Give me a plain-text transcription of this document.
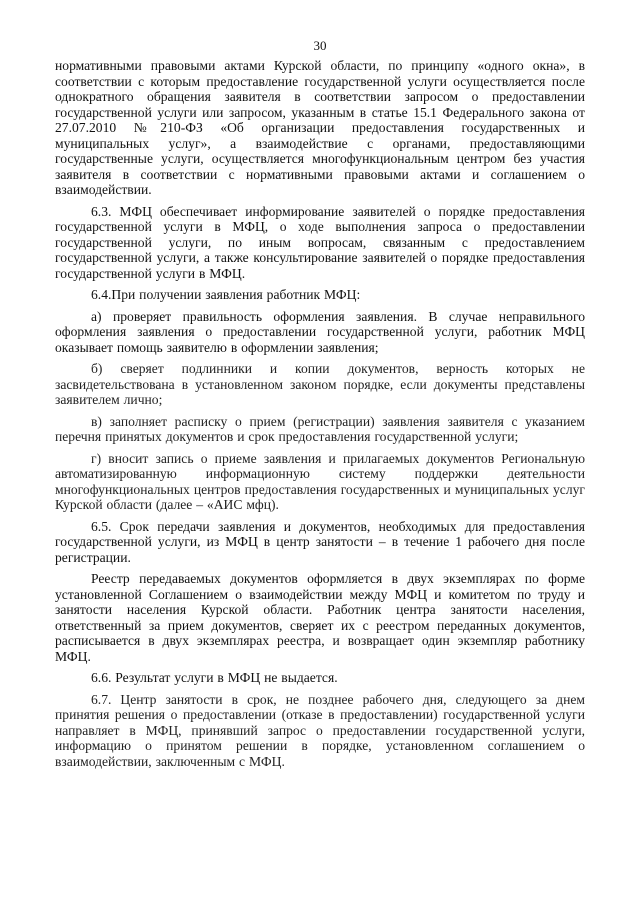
30

нормативными правовыми актами Курской области, по принципу «одного окна», в соответствии с которым предоставление государственной услуги осуществляется после однократного обращения заявителя в соответствии запросом о предоставлении государственной услуги или запросом, указанным в статье 15.1 Федерального закона от 27.07.2010 №210-ФЗ «Об организации предоставления государственных и муниципальных услуг», а взаимодействие с органами, предоставляющими государственные услуги, осуществляется многофункциональным центром без участия заявителя в соответствии с нормативными правовыми актами и соглашением о взаимодействии.

6.3. МФЦ обеспечивает информирование заявителей о порядке предоставления государственной услуги в МФЦ, о ходе выполнения запроса о предоставлении государственной услуги, по иным вопросам, связанным с предоставлением государственной услуги, а также консультирование заявителей о порядке предоставления государственной услуги в МФЦ.

6.4.При получении заявления работник МФЦ:

а) проверяет правильность оформления заявления. В случае неправильного оформления заявления о предоставлении государственной услуги, работник МФЦ оказывает помощь заявителю в оформлении заявления;

б) сверяет подлинники и копии документов, верность которых не засвидетельствована в установленном законом порядке, если документы представлены заявителем лично;

в) заполняет расписку о прием (регистрации) заявления заявителя с указанием перечня принятых документов и срок предоставления государственной услуги;

г) вносит запись о приеме заявления и прилагаемых документов Региональную автоматизированную информационную систему поддержки деятельности многофункциональных центров предоставления государственных и муниципальных услуг Курской области (далее – «АИС мфц).

6.5. Срок передачи заявления и документов, необходимых для предоставления государственной услуги, из МФЦ в центр занятости – в течение 1 рабочего дня после регистрации.

Реестр передаваемых документов оформляется в двух экземплярах по форме установленной Соглашением о взаимодействии между МФЦ и комитетом по труду и занятости населения Курской области. Работник центра занятости населения, ответственный за прием документов, сверяет их с реестром переданных документов, расписывается в двух экземплярах реестра, и возвращает один экземпляр работнику МФЦ.

6.6. Результат услуги в МФЦ не выдается.

6.7. Центр занятости в срок, не позднее рабочего дня, следующего за днем принятия решения о предоставлении (отказе в предоставлении) государственной услуги направляет в МФЦ, принявший запрос о предоставлении государственной услуги, информацию о принятом решении в порядке, установленном соглашением о взаимодействии, заключенным с МФЦ.
